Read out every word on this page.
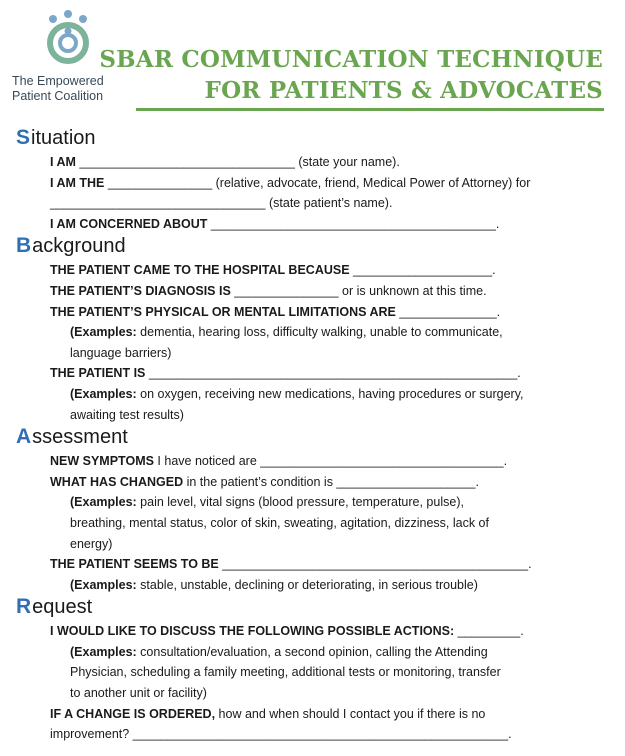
The Empowered
Patient Coalition
SBAR COMMUNICATION TECHNIQUE
FOR PATIENTS & ADVOCATES
Situation
I AM _______________________________ (state your name).
I AM THE _______________ (relative, advocate, friend, Medical Power of Attorney) for
_______________________________ (state patient’s name).
I AM CONCERNED ABOUT _________________________________________.
Background
THE PATIENT CAME TO THE HOSPITAL BECAUSE ____________________.
THE PATIENT’S DIAGNOSIS IS _______________ or is unknown at this time.
THE PATIENT’S PHYSICAL OR MENTAL LIMITATIONS ARE ______________.
(Examples: dementia, hearing loss, difficulty walking, unable to communicate,
language barriers)
THE PATIENT IS _____________________________________________________.
(Examples: on oxygen, receiving new medications, having procedures or surgery,
awaiting test results)
Assessment
NEW SYMPTOMS I have noticed are ___________________________________.
WHAT HAS CHANGED in the patient’s condition is ____________________.
(Examples: pain level, vital signs (blood pressure, temperature, pulse),
breathing, mental status, color of skin, sweating, agitation, dizziness, lack of
energy)
THE PATIENT SEEMS TO BE ____________________________________________.
(Examples: stable, unstable, declining or deteriorating, in serious trouble)
Request
I WOULD LIKE TO DISCUSS THE FOLLOWING POSSIBLE ACTIONS: _________.
(Examples: consultation/evaluation, a second opinion, calling the Attending
Physician, scheduling a family meeting, additional tests or monitoring, transfer
to another unit or facility)
IF A CHANGE IS ORDERED, how and when should I contact you if there is no
improvement? ______________________________________________________.
